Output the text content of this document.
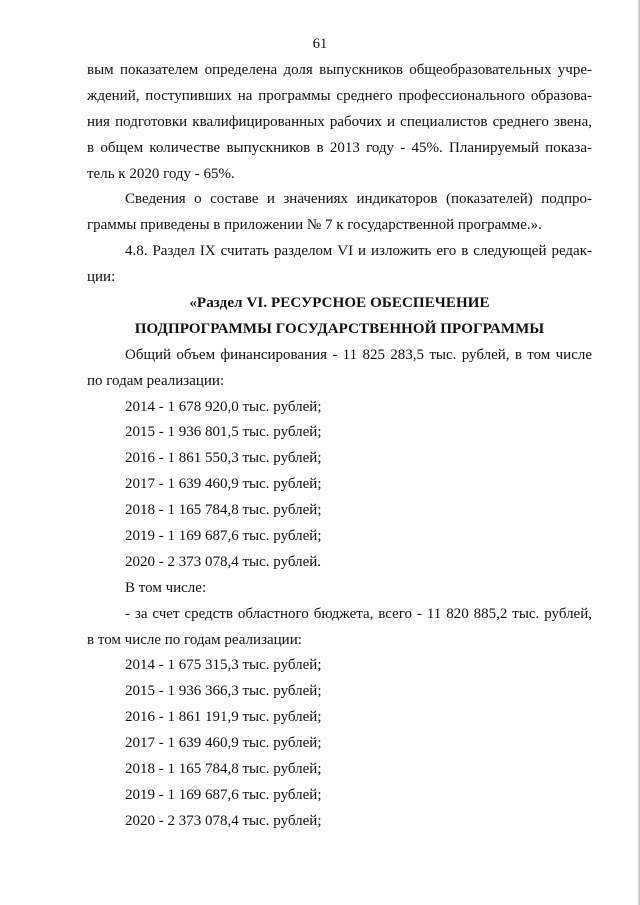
61
вым показателем определена доля выпускников общеобразовательных учре-
ждений, поступивших на программы среднего профессионального образова-
ния подготовки квалифицированных рабочих и специалистов среднего звена,
в общем количестве выпускников в 2013 году - 45%. Планируемый показа-
тель к 2020 году - 65%.
Сведения о составе и значениях индикаторов (показателей) подпро-
граммы приведены в приложении № 7 к государственной программе.».
4.8. Раздел IX считать разделом VI и изложить его в следующей редак-
ции:
«Раздел VI. РЕСУРСНОЕ ОБЕСПЕЧЕНИЕ
ПОДПРОГРАММЫ ГОСУДАРСТВЕННОЙ ПРОГРАММЫ
Общий объем финансирования - 11 825 283,5 тыс. рублей, в том числе
по годам реализации:
2014 - 1 678 920,0 тыс. рублей;
2015 - 1 936 801,5 тыс. рублей;
2016 - 1 861 550,3 тыс. рублей;
2017 - 1 639 460,9 тыс. рублей;
2018 - 1 165 784,8 тыс. рублей;
2019 - 1 169 687,6 тыс. рублей;
2020 - 2 373 078,4 тыс. рублей.
В том числе:
- за счет средств областного бюджета, всего - 11 820 885,2 тыс. рублей,
в том числе по годам реализации:
2014 - 1 675 315,3 тыс. рублей;
2015 - 1 936 366,3 тыс. рублей;
2016 - 1 861 191,9 тыс. рублей;
2017 - 1 639 460,9 тыс. рублей;
2018 - 1 165 784,8 тыс. рублей;
2019 - 1 169 687,6 тыс. рублей;
2020 - 2 373 078,4 тыс. рублей;
